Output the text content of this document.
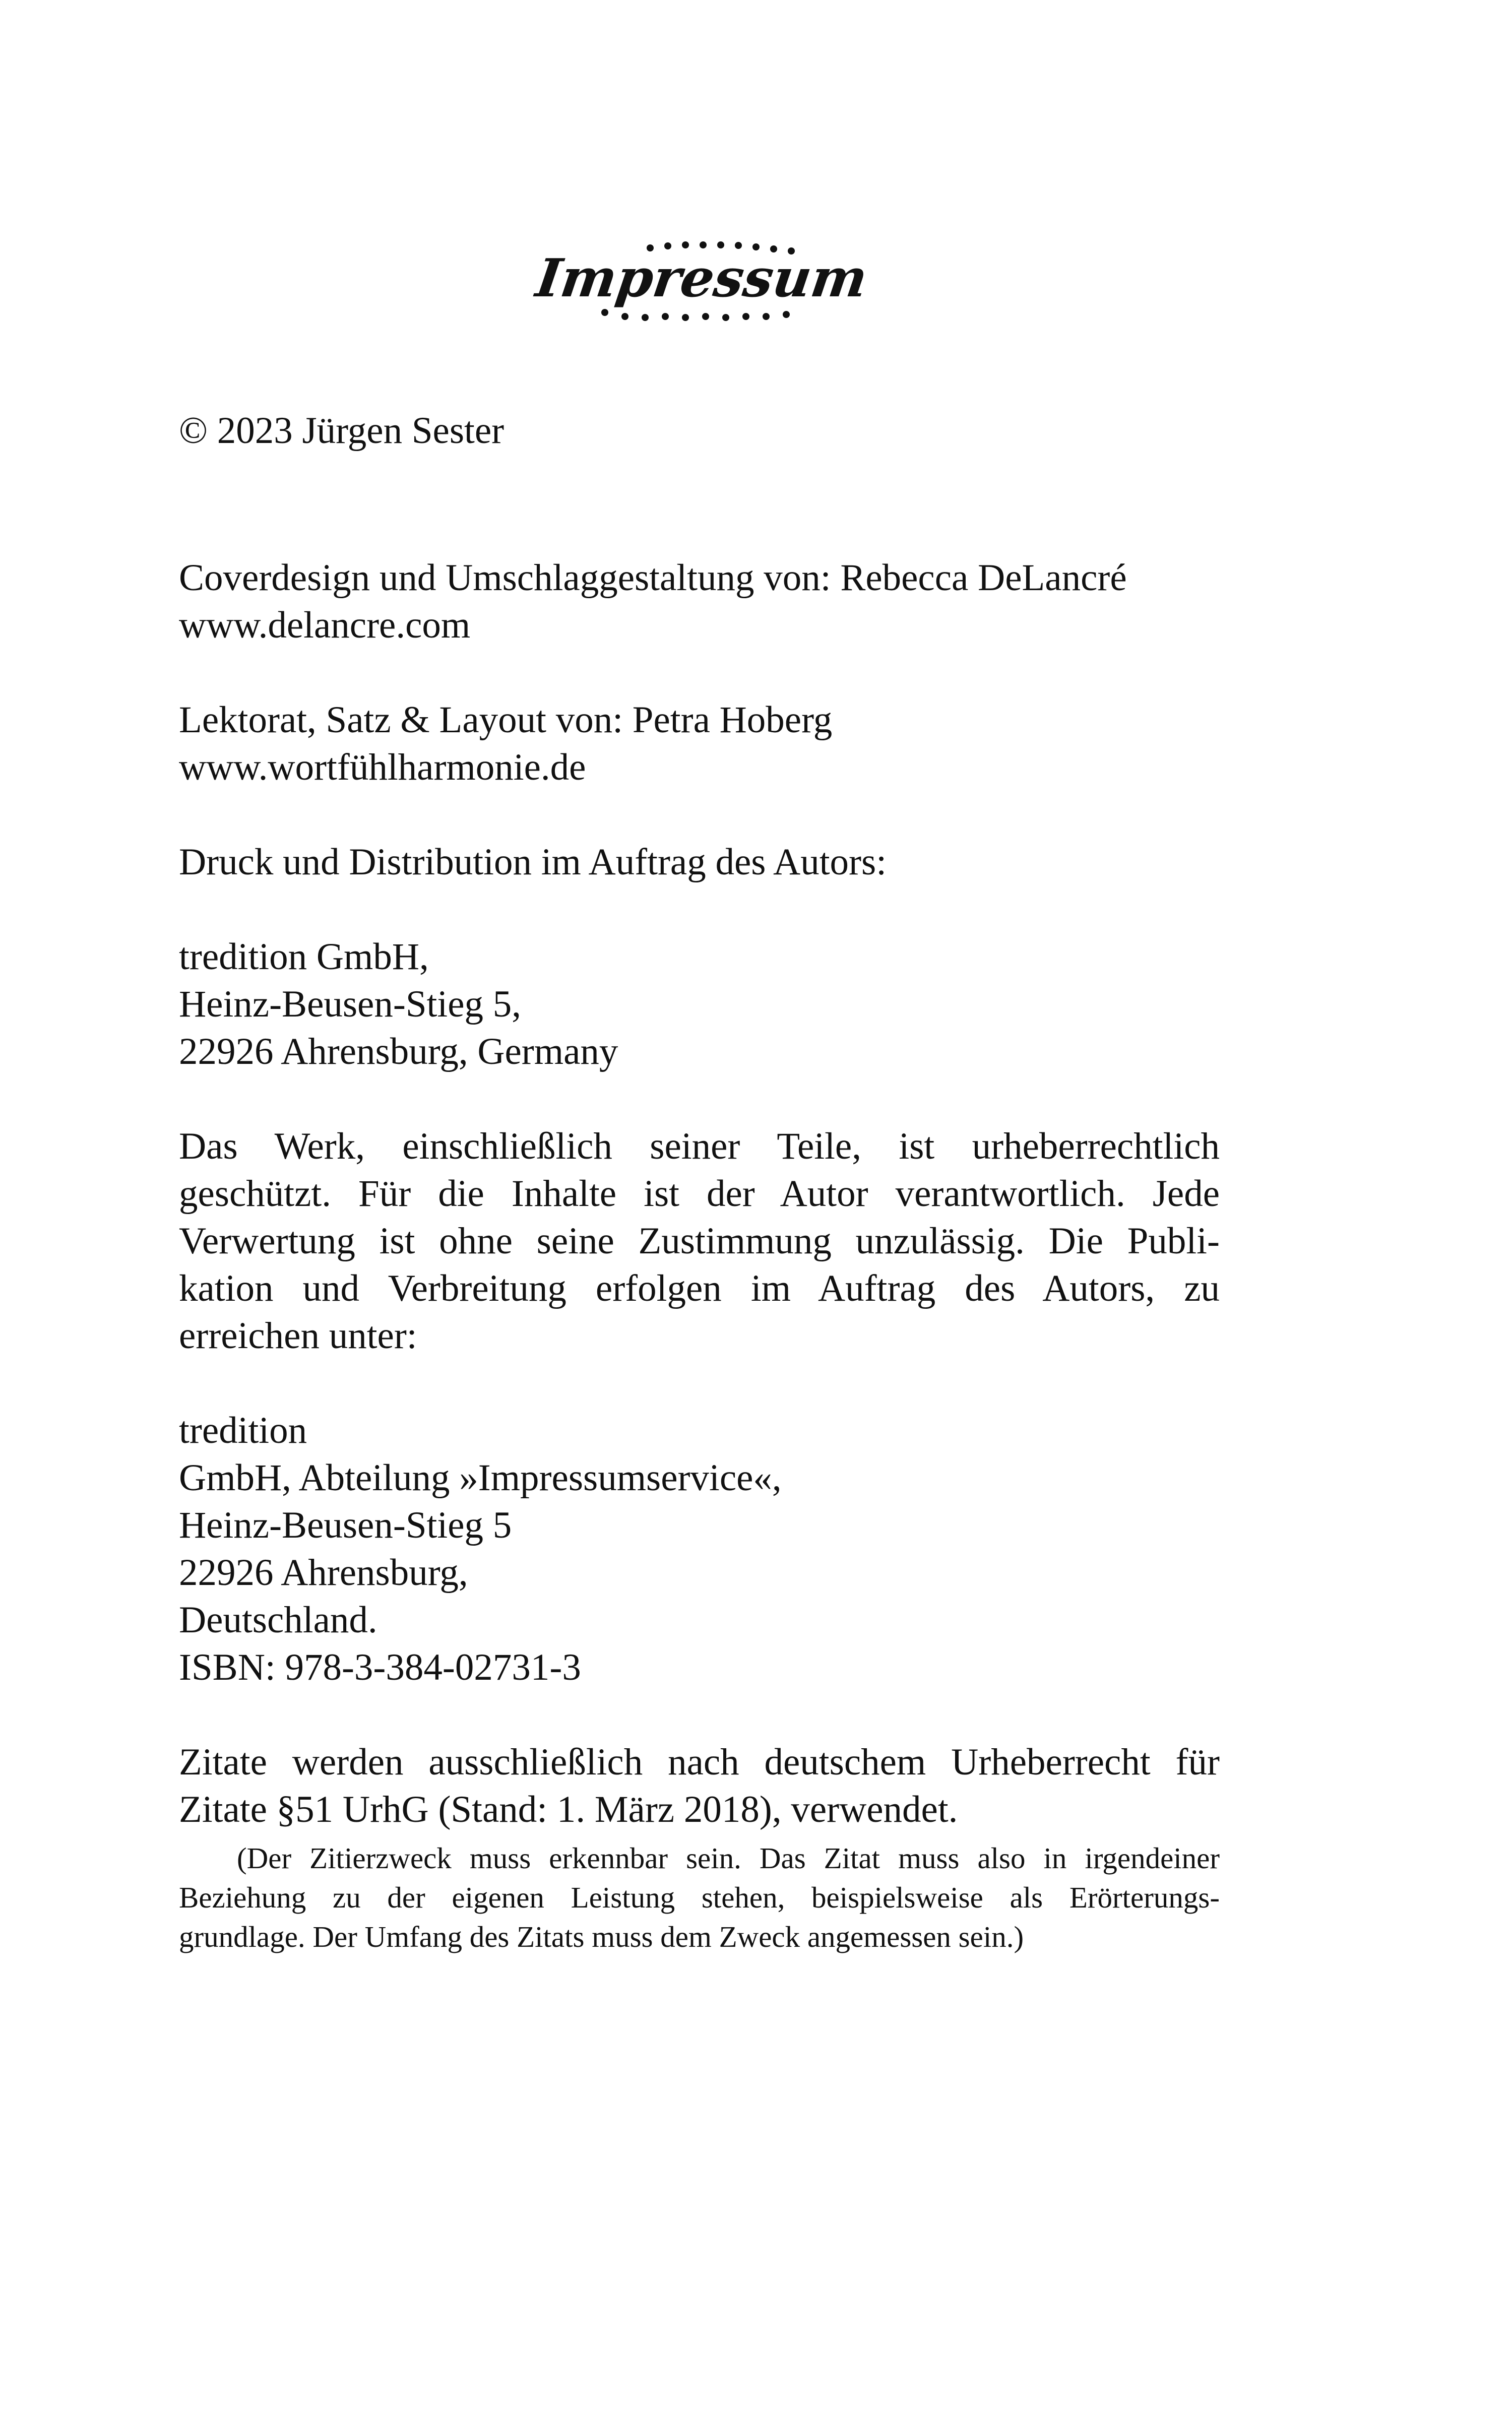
Impressum

© 2023 Jürgen Sester

Coverdesign und Umschlaggestaltung von: Rebecca DeLancré

www.delancre.com

Lektorat, Satz & Layout von: Petra Hoberg

www.wortfühlharmonie.de

Druck und Distribution im Auftrag des Autors:

tredition GmbH,

Heinz-Beusen-Stieg 5,

22926 Ahrensburg, Germany

Das Werk, einschließlich seiner Teile, ist urheberrechtlich

geschützt. Für die Inhalte ist der Autor verantwortlich. Jede

Verwertung ist ohne seine Zustimmung unzulässig. Die Publi-

kation und Verbreitung erfolgen im Auftrag des Autors, zu

erreichen unter:

tredition

GmbH, Abteilung »Impressumservice«,

Heinz-Beusen-Stieg 5

22926 Ahrensburg,

Deutschland.

ISBN: 978-3-384-02731-3

Zitate werden ausschließlich nach deutschem Urheberrecht für

Zitate §51 UrhG (Stand: 1. März 2018), verwendet.

(Der Zitierzweck muss erkennbar sein. Das Zitat muss also in irgendeiner

Beziehung zu der eigenen Leistung stehen, beispielsweise als Erörterungs-

grundlage. Der Umfang des Zitats muss dem Zweck angemessen sein.)
